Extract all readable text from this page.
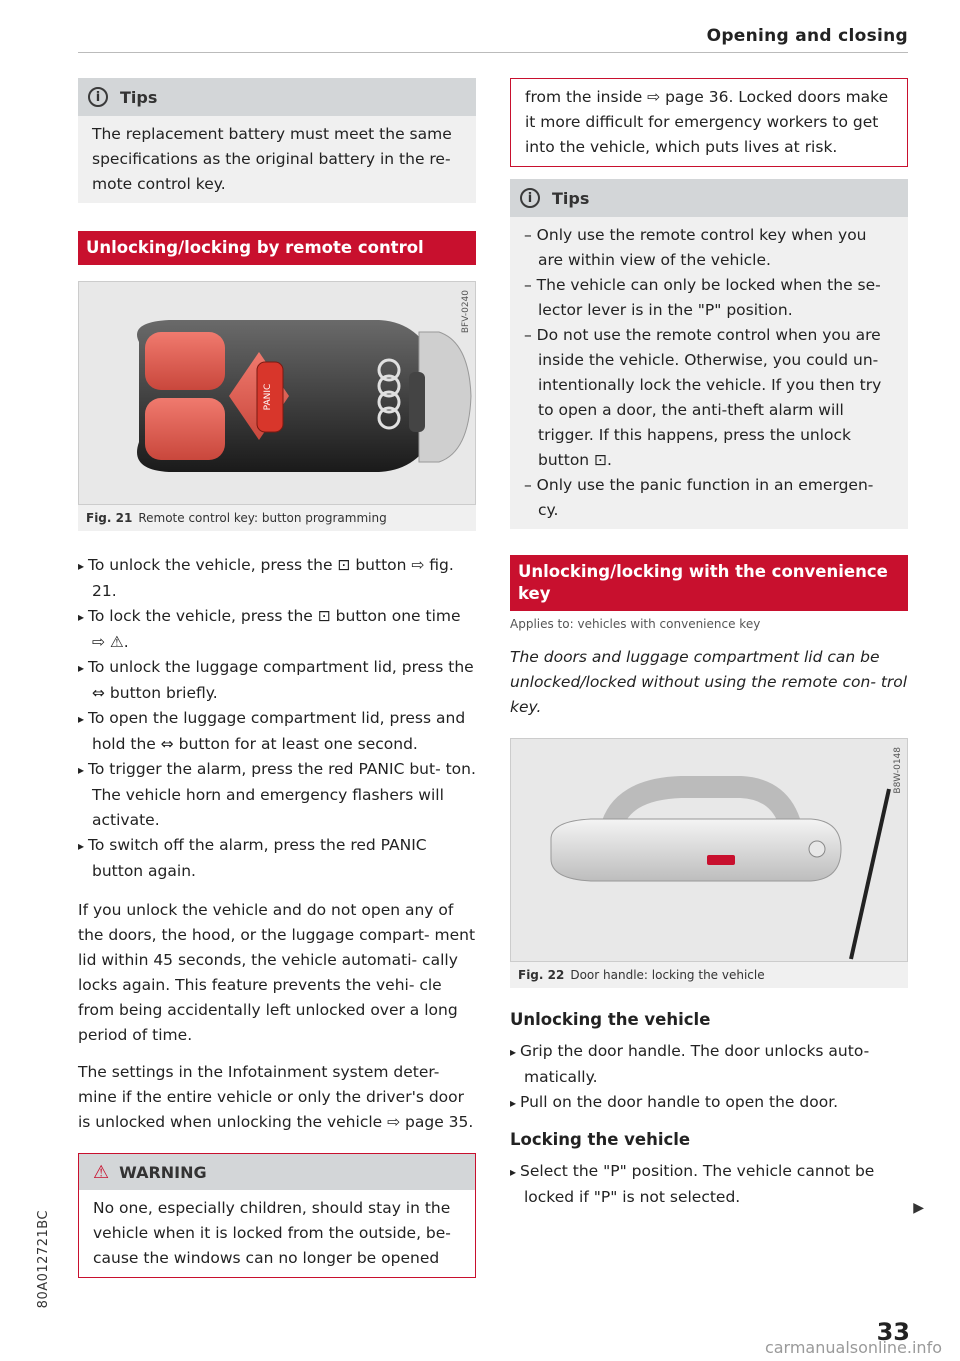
Opening and closing
i	Tips

The replacement battery must meet the same specifications as the original battery in the re- mote control key.

Unlocking/locking by remote control
BFV-0240
PANIC
Fig. 21 Remote control key: button programming
▸ To unlock the vehicle, press the ⊡ button ⇨ fig. 21.
▸ To lock the vehicle, press the ⊡ button one time ⇨ ⚠.
▸ To unlock the luggage compartment lid, press the ⇔ button briefly.
▸ To open the luggage compartment lid, press and hold the ⇔ button for at least one second.
▸ To trigger the alarm, press the red PANIC but- ton. The vehicle horn and emergency flashers will activate.
▸ To switch off the alarm, press the red PANIC button again.

If you unlock the vehicle and do not open any of the doors, the hood, or the luggage compart- ment lid within 45 seconds, the vehicle automati- cally locks again. This feature prevents the vehi- cle from being accidentally left unlocked over a long period of time.

The settings in the Infotainment system deter- mine if the entire vehicle or only the driver's door is unlocked when unlocking the vehicle ⇨ page 35.

⚠ WARNING
No one, especially children, should stay in the vehicle when it is locked from the outside, be- cause the windows can no longer be opened
from the inside ⇨ page 36. Locked doors make it more difficult for emergency workers to get into the vehicle, which puts lives at risk.
i	Tips
– Only use the remote control key when you are within view of the vehicle.
– The vehicle can only be locked when the se- lector lever is in the "P" position.
– Do not use the remote control when you are inside the vehicle. Otherwise, you could un- intentionally lock the vehicle. If you then try to open a door, the anti-theft alarm will trigger. If this happens, press the unlock button ⊡.
– Only use the panic function in an emergen- cy.
Unlocking/locking with the convenience key
Applies to: vehicles with convenience key

The doors and luggage compartment lid can be unlocked/locked without using the remote con- trol key.

B8W-0148
Fig. 22 Door handle: locking the vehicle
Unlocking the vehicle
▸ Grip the door handle. The door unlocks auto- matically.
▸ Pull on the door handle to open the door.
Locking the vehicle
▸ Select the "P" position. The vehicle cannot be locked if "P" is not selected.
▶
80A012721BC
33
carmanualsonline.info
